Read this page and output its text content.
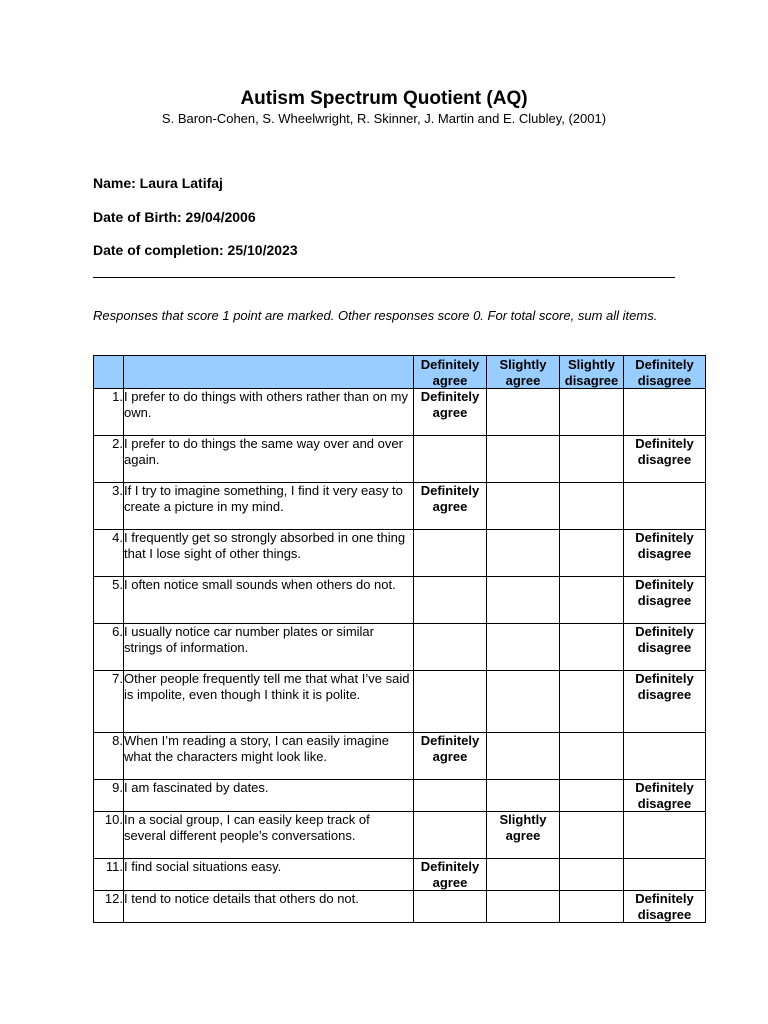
Autism Spectrum Quotient (AQ)
S. Baron-Cohen, S. Wheelwright, R. Skinner, J. Martin and E. Clubley, (2001)
Name: Laura Latifaj
Date of Birth: 29/04/2006
Date of completion: 25/10/2023
Responses that score 1 point are marked. Other responses score 0. For total score, sum all items.
		Definitely agree	Slightly agree	Slightly disagree	Definitely disagree
1.	I prefer to do things with others rather than on my own.	Definitely agree			
2.	I prefer to do things the same way over and over again.				Definitely disagree
3.	If I try to imagine something, I find it very easy to create a picture in my mind.	Definitely agree			
4.	I frequently get so strongly absorbed in one thing that I lose sight of other things.				Definitely disagree
5.	I often notice small sounds when others do not.				Definitely disagree
6.	I usually notice car number plates or similar strings of information.				Definitely disagree
7.	Other people frequently tell me that what I’ve said is impolite, even though I think it is polite.				Definitely disagree
8.	When I’m reading a story, I can easily imagine what the characters might look like.	Definitely agree			
9.	I am fascinated by dates.				Definitely disagree
10.	In a social group, I can easily keep track of several different people’s conversations.		Slightly agree		
11.	I find social situations easy.	Definitely agree			
12.	I tend to notice details that others do not.				Definitely disagree
